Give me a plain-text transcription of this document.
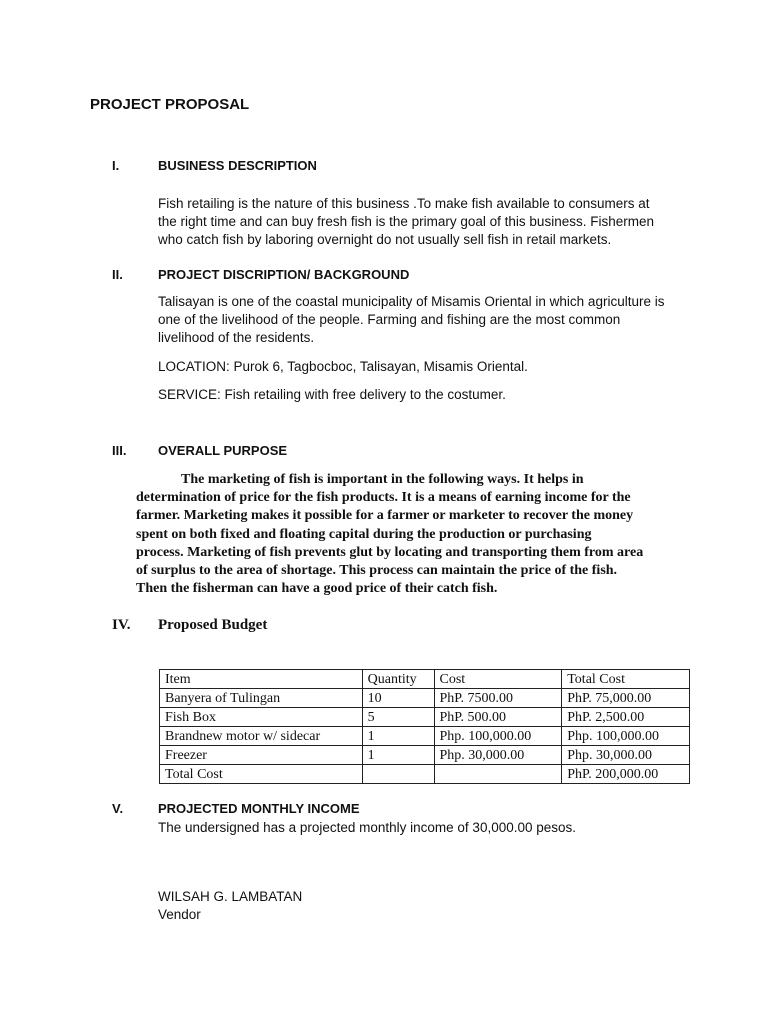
PROJECT PROPOSAL
I.	BUSINESS DESCRIPTION
Fish retailing is the nature of this business .To make fish available to consumers at
the right time and can buy fresh fish is the primary goal of this business. Fishermen
who catch fish by laboring overnight do not usually sell fish in retail markets.
II.	PROJECT DISCRIPTION/ BACKGROUND
Talisayan is one of the coastal municipality of Misamis Oriental in which agriculture is
one of the livelihood of the people. Farming and fishing are the most common
livelihood of the residents.
LOCATION: Purok 6, Tagbocboc, Talisayan, Misamis Oriental.
SERVICE: Fish retailing with free delivery to the costumer.
III. OVERALL PURPOSE
The marketing of fish is important in the following ways. It helps in
determination of price for the fish products. It is a means of earning income for the
farmer. Marketing makes it possible for a farmer or marketer to recover the money
spent on both fixed and floating capital during the production or purchasing
process. Marketing of fish prevents glut by locating and transporting them from area
of surplus to the area of shortage. This process can maintain the price of the fish.
Then the fisherman can have a good price of their catch fish.
IV. Proposed Budget
Item	Quantity	Cost	Total Cost
Banyera of Tulingan	10	PhP. 7500.00	PhP. 75,000.00
Fish Box	5	PhP. 500.00	PhP. 2,500.00
Brandnew motor w/ sidecar	1	Php. 100,000.00	Php. 100,000.00
Freezer	1	Php. 30,000.00	Php. 30,000.00
Total Cost			PhP. 200,000.00
V.	PROJECTED MONTHLY INCOME
The undersigned has a projected monthly income of 30,000.00 pesos.
WILSAH G. LAMBATAN
Vendor
